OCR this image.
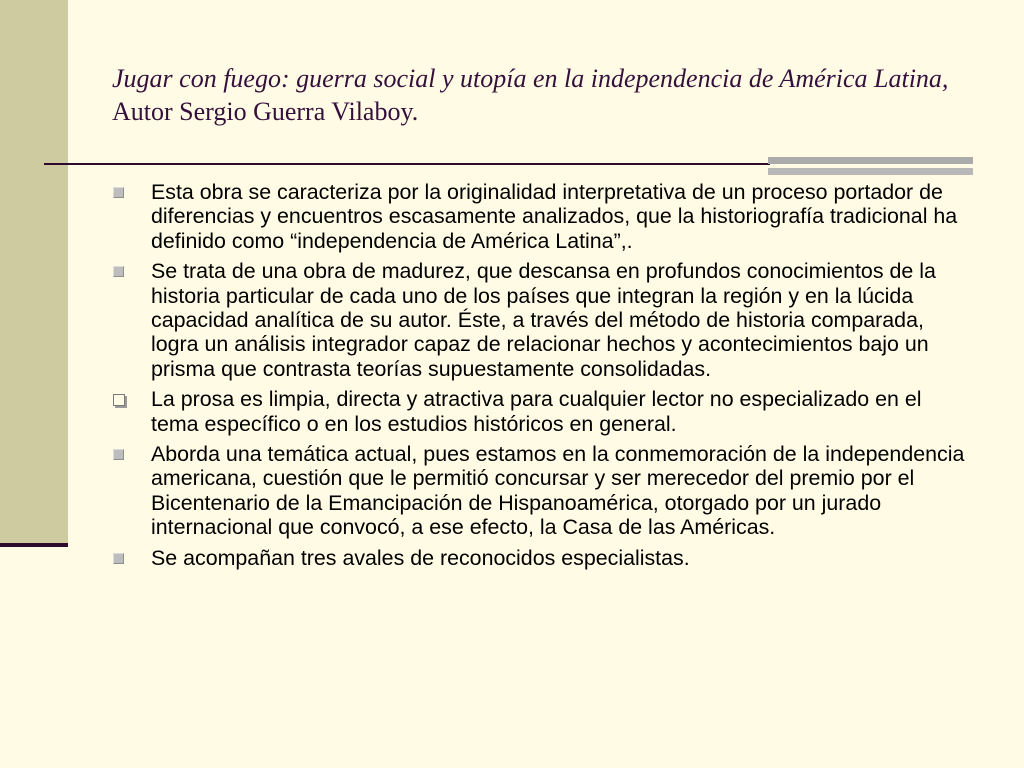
Jugar con fuego: guerra social y utopía en la independencia de América Latina, Autor Sergio Guerra Vilaboy.
Esta obra se caracteriza por la originalidad interpretativa de un proceso portador de diferencias y encuentros escasamente analizados, que la historiografía tradicional ha definido como “independencia de América Latina”,.
Se trata de una obra de madurez, que descansa en profundos conocimientos de la historia particular de cada uno de los países que integran la región y en la lúcida capacidad analítica de su autor. Éste, a través del método de historia comparada, logra un análisis integrador capaz de relacionar hechos y acontecimientos bajo un prisma que contrasta teorías supuestamente consolidadas.
La prosa es limpia, directa y atractiva para cualquier lector no especializado en el tema específico o en los estudios históricos en general.
Aborda una temática actual, pues estamos en la conmemoración de la independencia americana, cuestión que le permitió concursar y ser merecedor del premio por el Bicentenario de la Emancipación de Hispanoamérica, otorgado por un jurado internacional que convocó, a ese efecto, la Casa de las Américas.
Se acompañan tres avales de reconocidos especialistas.
